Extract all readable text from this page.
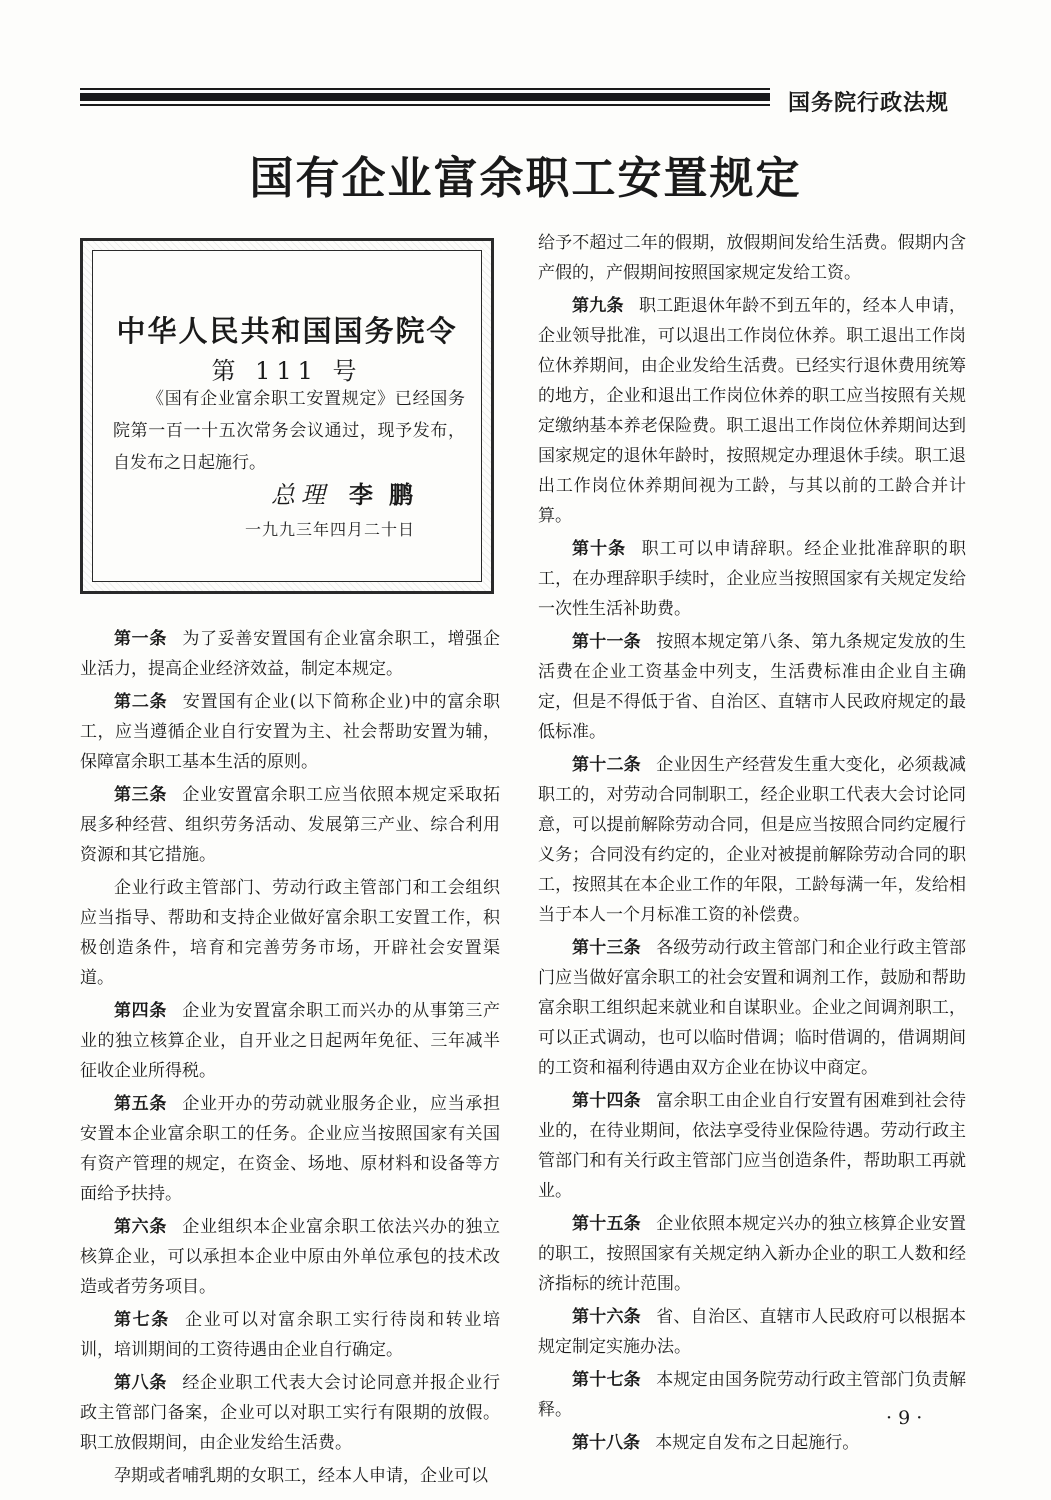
国务院行政法规
国有企业富余职工安置规定
中华人民共和国国务院令
第 111 号
《国有企业富余职工安置规定》已经国务院第一百一十五次常务会议通过，现予发布，自发布之日起施行。
总理 李鹏
一九九三年四月二十日

第一条 为了妥善安置国有企业富余职工，增强企业活力，提高企业经济效益，制定本规定。

第二条 安置国有企业(以下简称企业)中的富余职工，应当遵循企业自行安置为主、社会帮助安置为辅，保障富余职工基本生活的原则。

第三条 企业安置富余职工应当依照本规定采取拓展多种经营、组织劳务活动、发展第三产业、综合利用资源和其它措施。

企业行政主管部门、劳动行政主管部门和工会组织应当指导、帮助和支持企业做好富余职工安置工作，积极创造条件，培育和完善劳务市场，开辟社会安置渠道。

第四条 企业为安置富余职工而兴办的从事第三产业的独立核算企业，自开业之日起两年免征、三年减半征收企业所得税。

第五条 企业开办的劳动就业服务企业，应当承担安置本企业富余职工的任务。企业应当按照国家有关国有资产管理的规定，在资金、场地、原材料和设备等方面给予扶持。

第六条 企业组织本企业富余职工依法兴办的独立核算企业，可以承担本企业中原由外单位承包的技术改造或者劳务项目。

第七条 企业可以对富余职工实行待岗和转业培训，培训期间的工资待遇由企业自行确定。

第八条 经企业职工代表大会讨论同意并报企业行政主管部门备案，企业可以对职工实行有限期的放假。职工放假期间，由企业发给生活费。

孕期或者哺乳期的女职工，经本人申请，企业可以

给予不超过二年的假期，放假期间发给生活费。假期内含产假的，产假期间按照国家规定发给工资。

第九条 职工距退休年龄不到五年的，经本人申请，企业领导批准，可以退出工作岗位休养。职工退出工作岗位休养期间，由企业发给生活费。已经实行退休费用统筹的地方，企业和退出工作岗位休养的职工应当按照有关规定缴纳基本养老保险费。职工退出工作岗位休养期间达到国家规定的退休年龄时，按照规定办理退休手续。职工退出工作岗位休养期间视为工龄，与其以前的工龄合并计算。

第十条 职工可以申请辞职。经企业批准辞职的职工，在办理辞职手续时，企业应当按照国家有关规定发给一次性生活补助费。

第十一条 按照本规定第八条、第九条规定发放的生活费在企业工资基金中列支，生活费标准由企业自主确定，但是不得低于省、自治区、直辖市人民政府规定的最低标准。

第十二条 企业因生产经营发生重大变化，必须裁减职工的，对劳动合同制职工，经企业职工代表大会讨论同意，可以提前解除劳动合同，但是应当按照合同约定履行义务；合同没有约定的，企业对被提前解除劳动合同的职工，按照其在本企业工作的年限，工龄每满一年，发给相当于本人一个月标准工资的补偿费。

第十三条 各级劳动行政主管部门和企业行政主管部门应当做好富余职工的社会安置和调剂工作，鼓励和帮助富余职工组织起来就业和自谋职业。企业之间调剂职工，可以正式调动，也可以临时借调；临时借调的，借调期间的工资和福利待遇由双方企业在协议中商定。

第十四条 富余职工由企业自行安置有困难到社会待业的，在待业期间，依法享受待业保险待遇。劳动行政主管部门和有关行政主管部门应当创造条件，帮助职工再就业。

第十五条 企业依照本规定兴办的独立核算企业安置的职工，按照国家有关规定纳入新办企业的职工人数和经济指标的统计范围。

第十六条 省、自治区、直辖市人民政府可以根据本规定制定实施办法。

第十七条 本规定由国务院劳动行政主管部门负责解释。

第十八条 本规定自发布之日起施行。

· 9 ·
